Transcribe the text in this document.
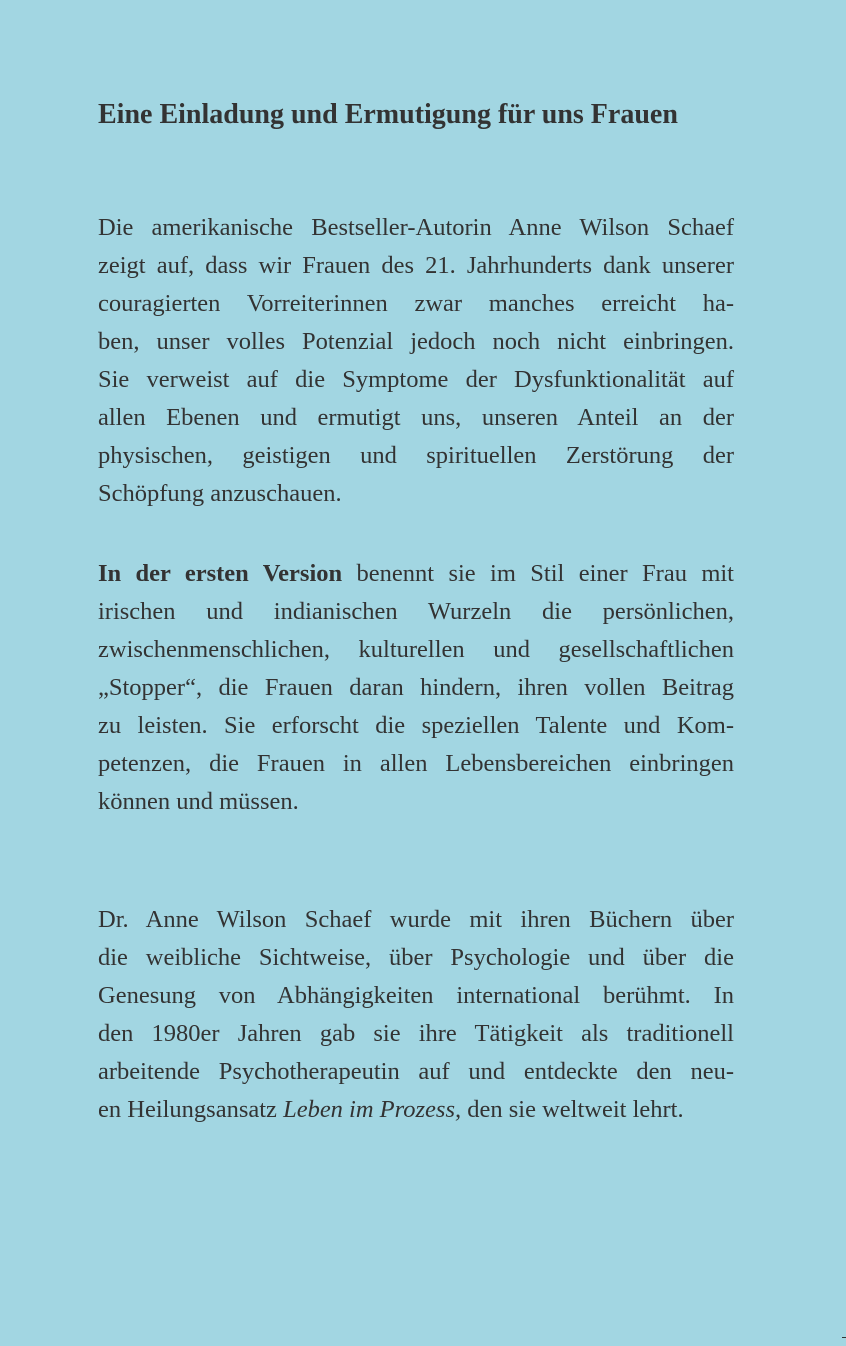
Eine Einladung und Ermutigung für uns Frauen
Die amerikanische Bestseller-Autorin Anne Wilson Schaef
zeigt auf, dass wir Frauen des 21. Jahrhunderts dank unserer
couragierten Vorreiterinnen zwar manches erreicht ha-
ben, unser volles Potenzial jedoch noch nicht einbringen.
Sie verweist auf die Symptome der Dysfunktionalität auf
allen Ebenen und ermutigt uns, unseren Anteil an der
physischen, geistigen und spirituellen Zerstörung der
Schöpfung anzuschauen.
In der ersten Version benennt sie im Stil einer Frau mit
irischen und indianischen Wurzeln die persönlichen,
zwischenmenschlichen, kulturellen und gesellschaftlichen
„Stopper“, die Frauen daran hindern, ihren vollen Beitrag
zu leisten. Sie erforscht die speziellen Talente und Kom-
petenzen, die Frauen in allen Lebensbereichen einbringen
können und müssen.
Dr. Anne Wilson Schaef wurde mit ihren Büchern über
die weibliche Sichtweise, über Psychologie und über die
Genesung von Abhängigkeiten international berühmt. In
den 1980er Jahren gab sie ihre Tätigkeit als traditionell
arbeitende Psychotherapeutin auf und entdeckte den neu-
en Heilungsansatz Leben im Prozess, den sie weltweit lehrt.
